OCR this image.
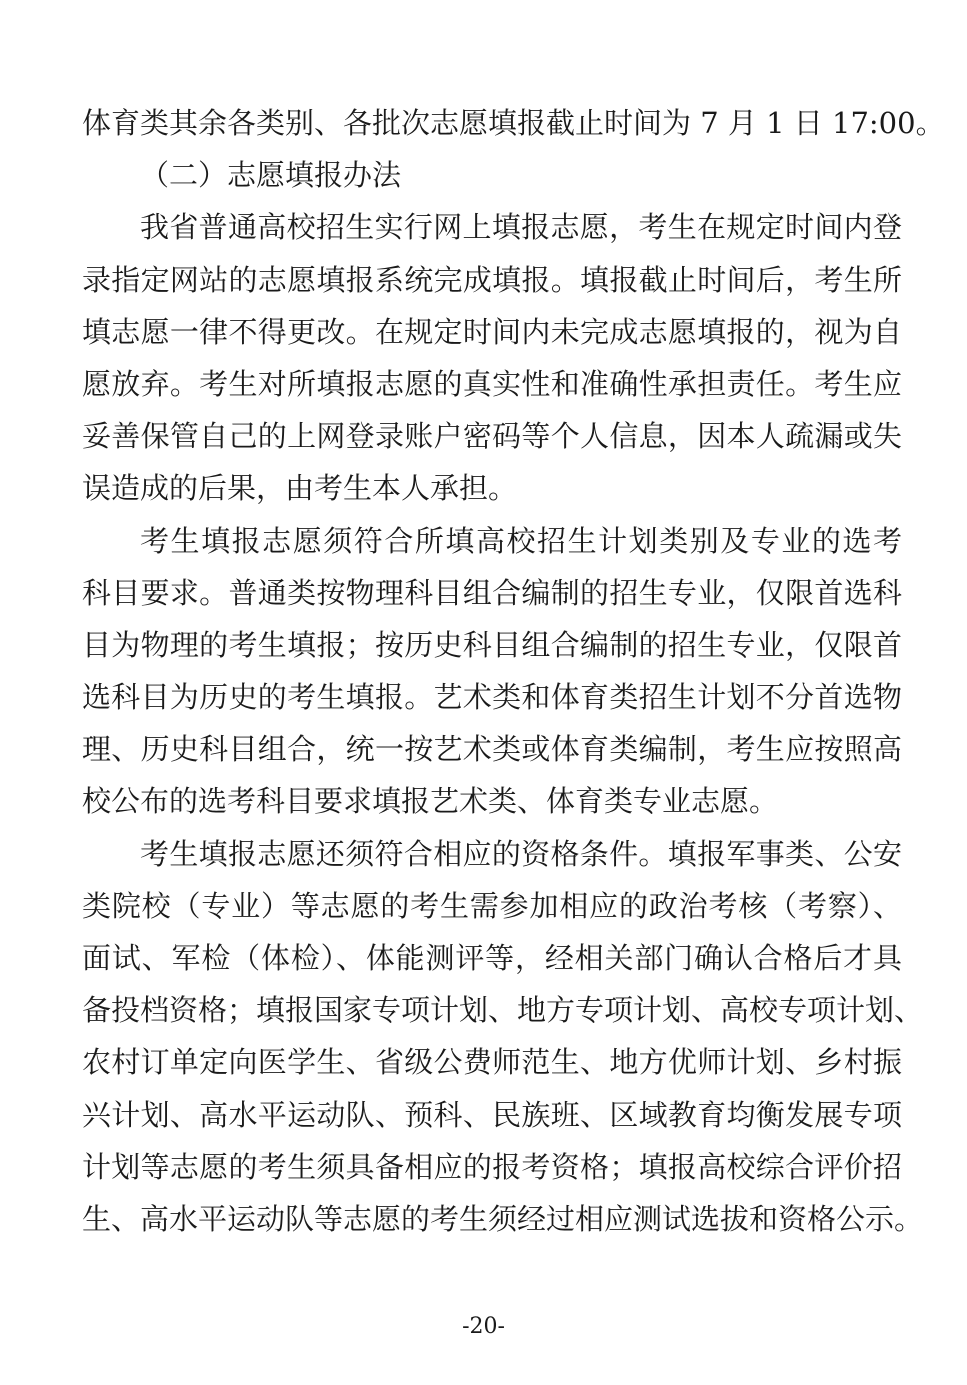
体育类其余各类别、各批次志愿填报截止时间为 7 月 1 日 17:00。
（二）志愿填报办法
我省普通高校招生实行网上填报志愿，考生在规定时间内登
录指定网站的志愿填报系统完成填报。填报截止时间后，考生所
填志愿一律不得更改。在规定时间内未完成志愿填报的，视为自
愿放弃。考生对所填报志愿的真实性和准确性承担责任。考生应
妥善保管自己的上网登录账户密码等个人信息，因本人疏漏或失
误造成的后果，由考生本人承担。
考生填报志愿须符合所填高校招生计划类别及专业的选考
科目要求。普通类按物理科目组合编制的招生专业，仅限首选科
目为物理的考生填报；按历史科目组合编制的招生专业，仅限首
选科目为历史的考生填报。艺术类和体育类招生计划不分首选物
理、历史科目组合，统一按艺术类或体育类编制，考生应按照高
校公布的选考科目要求填报艺术类、体育类专业志愿。
考生填报志愿还须符合相应的资格条件。填报军事类、公安
类院校（专业）等志愿的考生需参加相应的政治考核（考察）、
面试、军检（体检）、体能测评等，经相关部门确认合格后才具
备投档资格；填报国家专项计划、地方专项计划、高校专项计划、
农村订单定向医学生、省级公费师范生、地方优师计划、乡村振
兴计划、高水平运动队、预科、民族班、区域教育均衡发展专项
计划等志愿的考生须具备相应的报考资格；填报高校综合评价招
生、高水平运动队等志愿的考生须经过相应测试选拔和资格公示。
-20-
